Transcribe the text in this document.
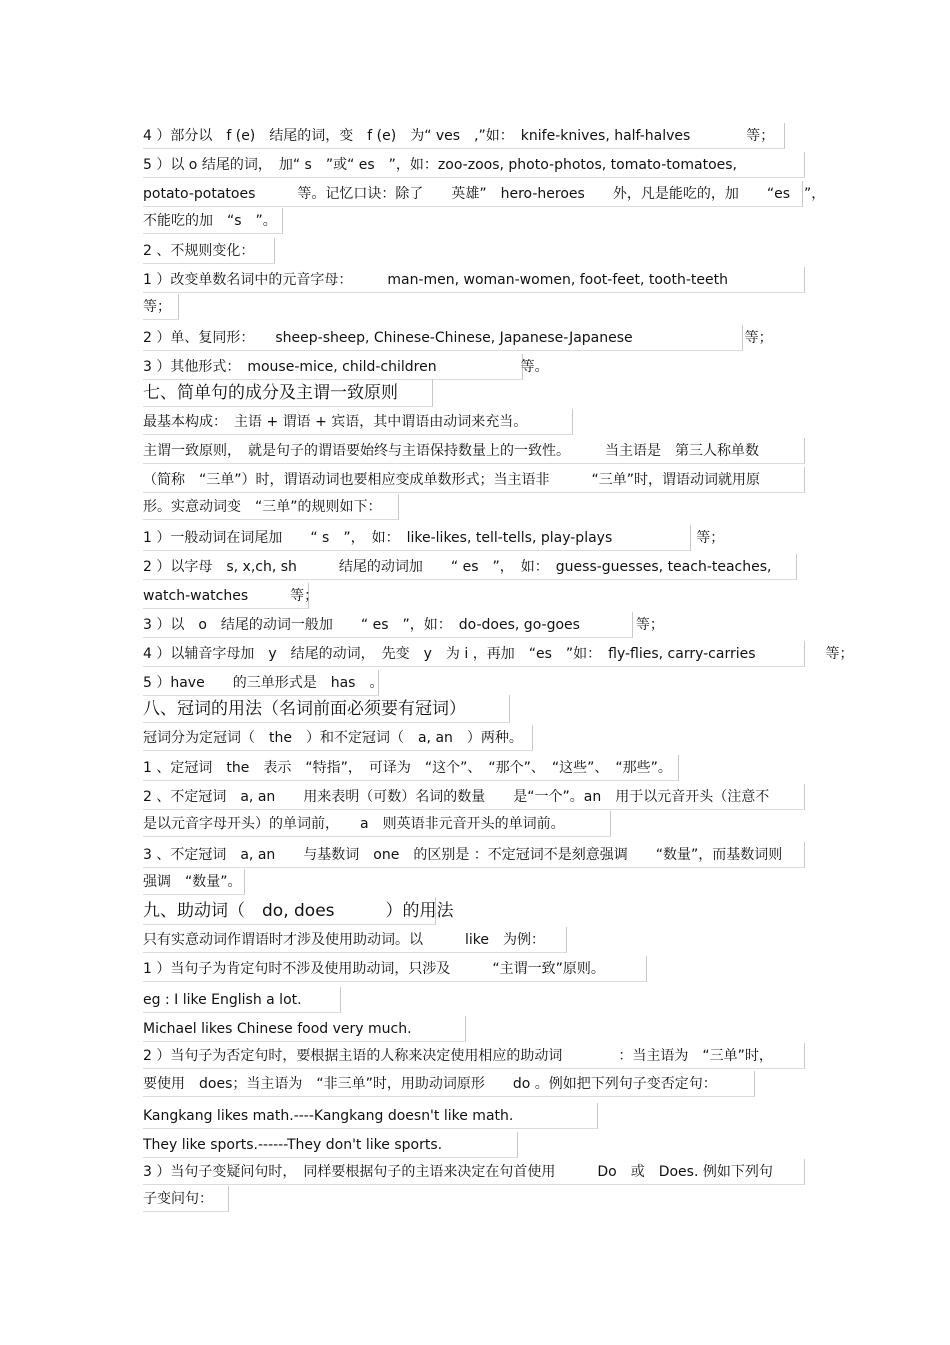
4 ）部分以　f (e)　结尾的词，变　f (e)　为“ ves　,”如：　knife-knives, half-halves　　　　等；
5 ）以 o 结尾的词，　加“ s　”或“ es　”，如：zoo-zoos, photo-photos, tomato-tomatoes,
potato-potatoes　　　等。记忆口诀：除了　　英雄”　hero-heroes　　外，凡是能吃的，加　　“es　”，
不能吃的加　“s　”。
2 、不规则变化：
1 ）改变单数名词中的元音字母：　　　man-men, woman-women, foot-feet, tooth-teeth
等；
2 ）单、复同形：　　sheep-sheep, Chinese-Chinese, Japanese-Japanese　　　　　　　　等；
3 ）其他形式：　mouse-mice, child-children　　　　　　等。
七、简单句的成分及主谓一致原则
最基本构成：　主语 + 谓语 + 宾语，其中谓语由动词来充当。
主谓一致原则，　就是句子的谓语要始终与主语保持数量上的一致性。　　　当主语是　第三人称单数
（简称　“三单”）时，谓语动词也要相应变成单数形式；当主语非　　　“三单”时，谓语动词就用原
形。实意动词变　“三单”的规则如下：
1 ）一般动词在词尾加　　“ s　”，　如：　like-likes, tell-tells, play-plays　　　　　　等；
2 ）以字母　s, x,ch, sh　　　结尾的动词加　　“ es　”，　如：　guess-guesses, teach-teaches,
watch-watches　　　等；
3 ）以　o　结尾的动词一般加　　“ es　”，如：　do-does, go-goes　　　　等；
4 ）以辅音字母加　y　结尾的动词，　先变　y　为 i ，再加　“es　”如：　fly-flies, carry-carries　　　　　等；
5 ）have　　的三单形式是　has　。
八、冠词的用法（名词前面必须要有冠词）
冠词分为定冠词（　the　）和不定冠词（　a, an　）两种。
1 、定冠词　the　表示　“特指”，　可译为　“这个”、　“那个”、　“这些”、　“那些”。
2 、不定冠词　a, an　　用来表明（可数）名词的数量　　是“一个”。an　用于以元音开头（注意不
是以元音字母开头）的单词前，　　a　则英语非元音开头的单词前。
3 、不定冠词　a, an　　与基数词　one　的区别是 ：不定冠词不是刻意强调　　“数量”，而基数词则
强调　“数量”。
九、助动词（　do, does　　　）的用法
只有实意动词作谓语时才涉及使用助动词。以　　　like　为例：
1 ）当句子为肯定句时不涉及使用助动词，只涉及　　　“主谓一致”原则。
eg : I like English a lot.
Michael likes Chinese food very much.
2 ）当句子为否定句时，要根据主语的人称来决定使用相应的助动词　　　　：当主语为　“三单”时，
要使用　does；当主语为　“非三单”时，用助动词原形　　do 。例如把下列句子变否定句：
Kangkang likes math.----Kangkang doesn't like math.
They like sports.------They don't like sports.
3 ）当句子变疑问句时，　同样要根据句子的主语来决定在句首使用　　　Do　或　Does. 例如下列句
子变问句：
